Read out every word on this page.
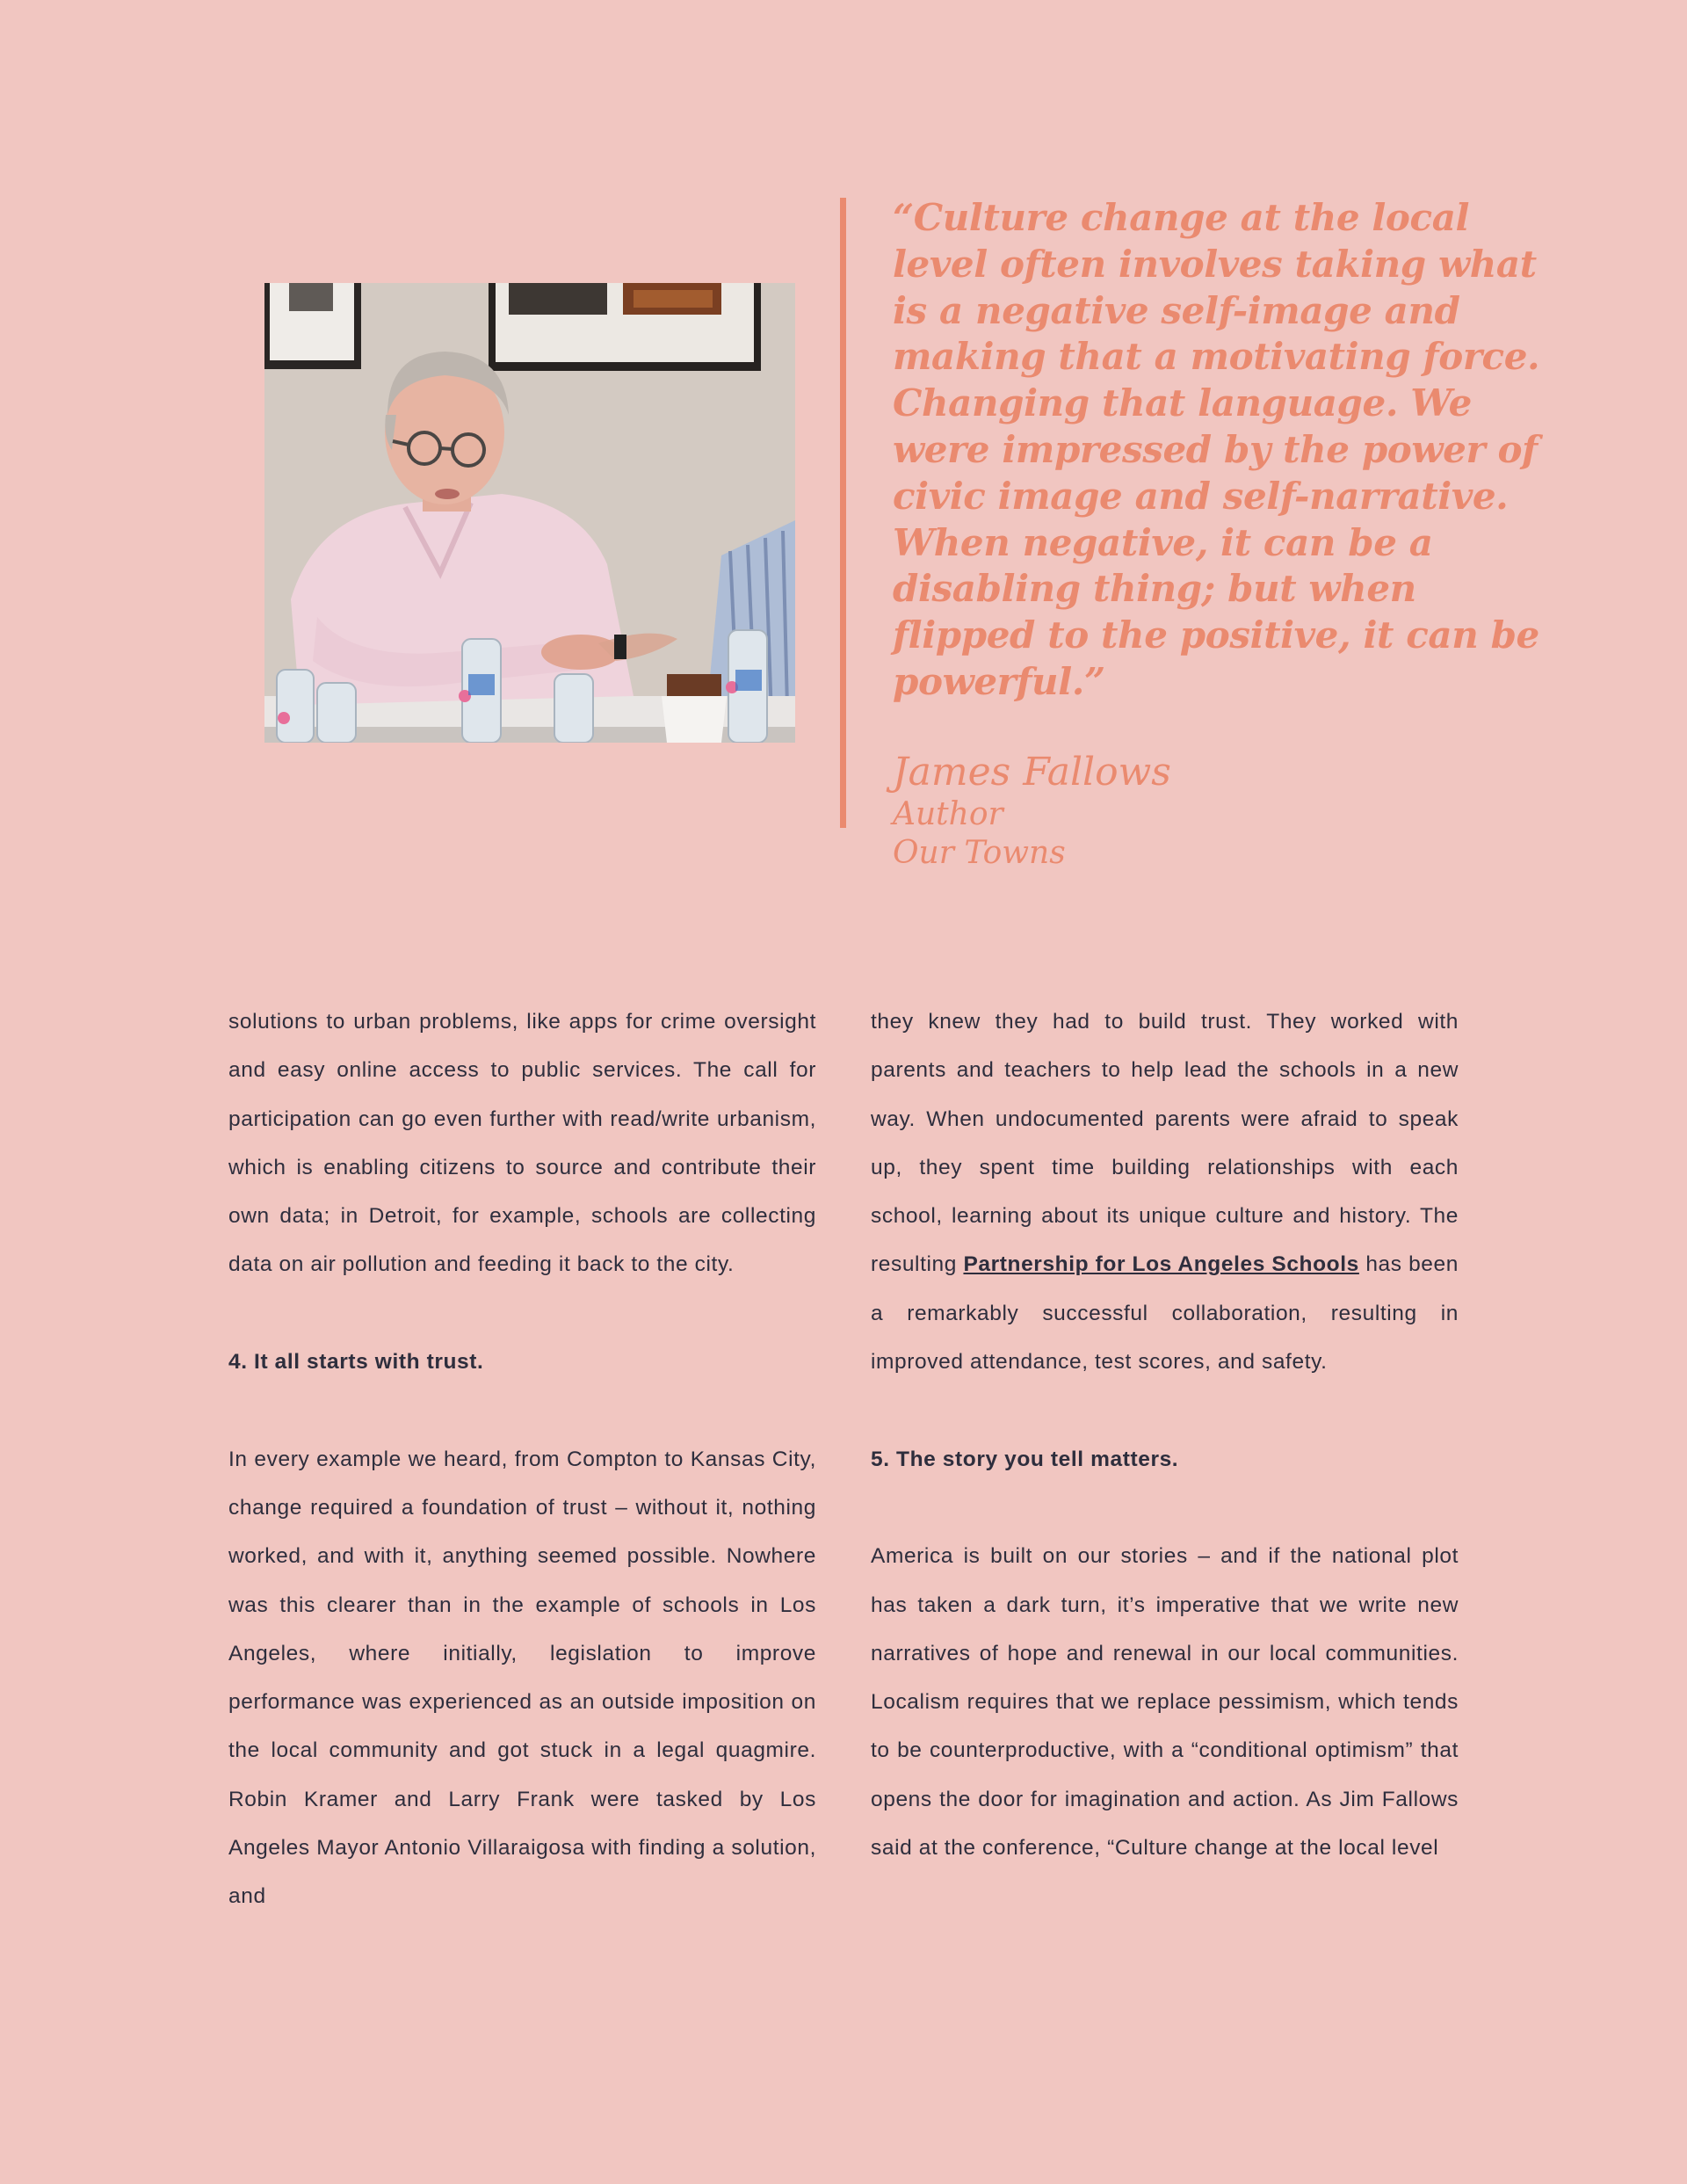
“Culture change at the local level often involves taking what is a negative self-image and making that a motivating force. Changing that language. We were impressed by the power of civic image and self-narrative. When negative, it can be a disabling thing; but when flipped to the positive, it can be powerful.”

James Fallows

Author

Our Towns

solutions to urban problems, like apps for crime oversight and easy online access to public services. The call for participation can go even further with read/write urbanism, which is enabling citizens to source and contribute their own data; in Detroit, for example, schools are collecting data on air pollution and feeding it back to the city.

4. It all starts with trust.

In every example we heard, from Compton to Kansas City, change required a foundation of trust – without it, nothing worked, and with it, anything seemed possible. Nowhere was this clearer than in the example of schools in Los Angeles, where initially, legislation to improve performance was experienced as an outside imposition on the local community and got stuck in a legal quagmire. Robin Kramer and Larry Frank were tasked by Los Angeles Mayor Antonio Villaraigosa with finding a solution, and

they knew they had to build trust. They worked with parents and teachers to help lead the schools in a new way. When undocumented parents were afraid to speak up, they spent time building relationships with each school, learning about its unique culture and history. The resulting Partnership for Los Angeles Schools has been a remarkably successful collaboration, resulting in improved attendance, test scores, and safety.

5. The story you tell matters.

America is built on our stories – and if the national plot has taken a dark turn, it’s imperative that we write new narratives of hope and renewal in our local communities. Localism requires that we replace pessimism, which tends to be counterproductive, with a “conditional optimism” that opens the door for imagination and action. As Jim Fallows said at the conference, “Culture change at the local level
